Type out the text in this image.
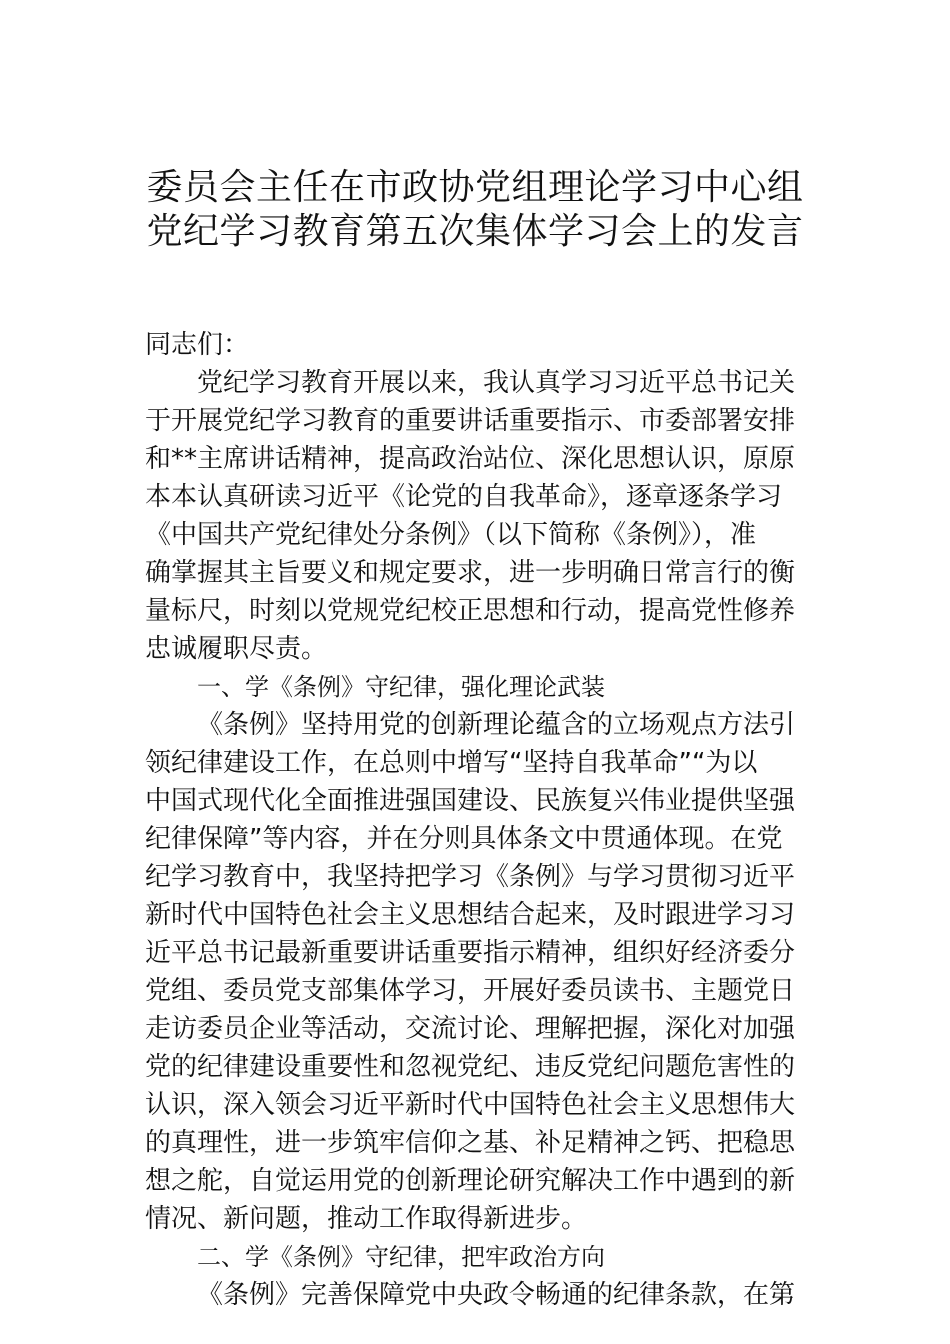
委员会主任在市政协党组理论学习中心组
党纪学习教育第五次集体学习会上的发言
同志们：
党纪学习教育开展以来，我认真学习习近平总书记关
于开展党纪学习教育的重要讲话重要指示、市委部署安排
和**主席讲话精神，提高政治站位、深化思想认识，原原
本本认真研读习近平《论党的自我革命》，逐章逐条学习
《中国共产党纪律处分条例》（以下简称《条例》），准
确掌握其主旨要义和规定要求，进一步明确日常言行的衡
量标尺，时刻以党规党纪校正思想和行动，提高党性修养
忠诚履职尽责。
一、学《条例》守纪律，强化理论武装
《条例》坚持用党的创新理论蕴含的立场观点方法引
领纪律建设工作，在总则中增写“坚持自我革命”“为以
中国式现代化全面推进强国建设、民族复兴伟业提供坚强
纪律保障”等内容，并在分则具体条文中贯通体现。在党
纪学习教育中，我坚持把学习《条例》与学习贯彻习近平
新时代中国特色社会主义思想结合起来，及时跟进学习习
近平总书记最新重要讲话重要指示精神，组织好经济委分
党组、委员党支部集体学习，开展好委员读书、主题党日
走访委员企业等活动，交流讨论、理解把握，深化对加强
党的纪律建设重要性和忽视党纪、违反党纪问题危害性的
认识，深入领会习近平新时代中国特色社会主义思想伟大
的真理性，进一步筑牢信仰之基、补足精神之钙、把稳思
想之舵，自觉运用党的创新理论研究解决工作中遇到的新
情况、新问题，推动工作取得新进步。
二、学《条例》守纪律，把牢政治方向
《条例》完善保障党中央政令畅通的纪律条款，在第
